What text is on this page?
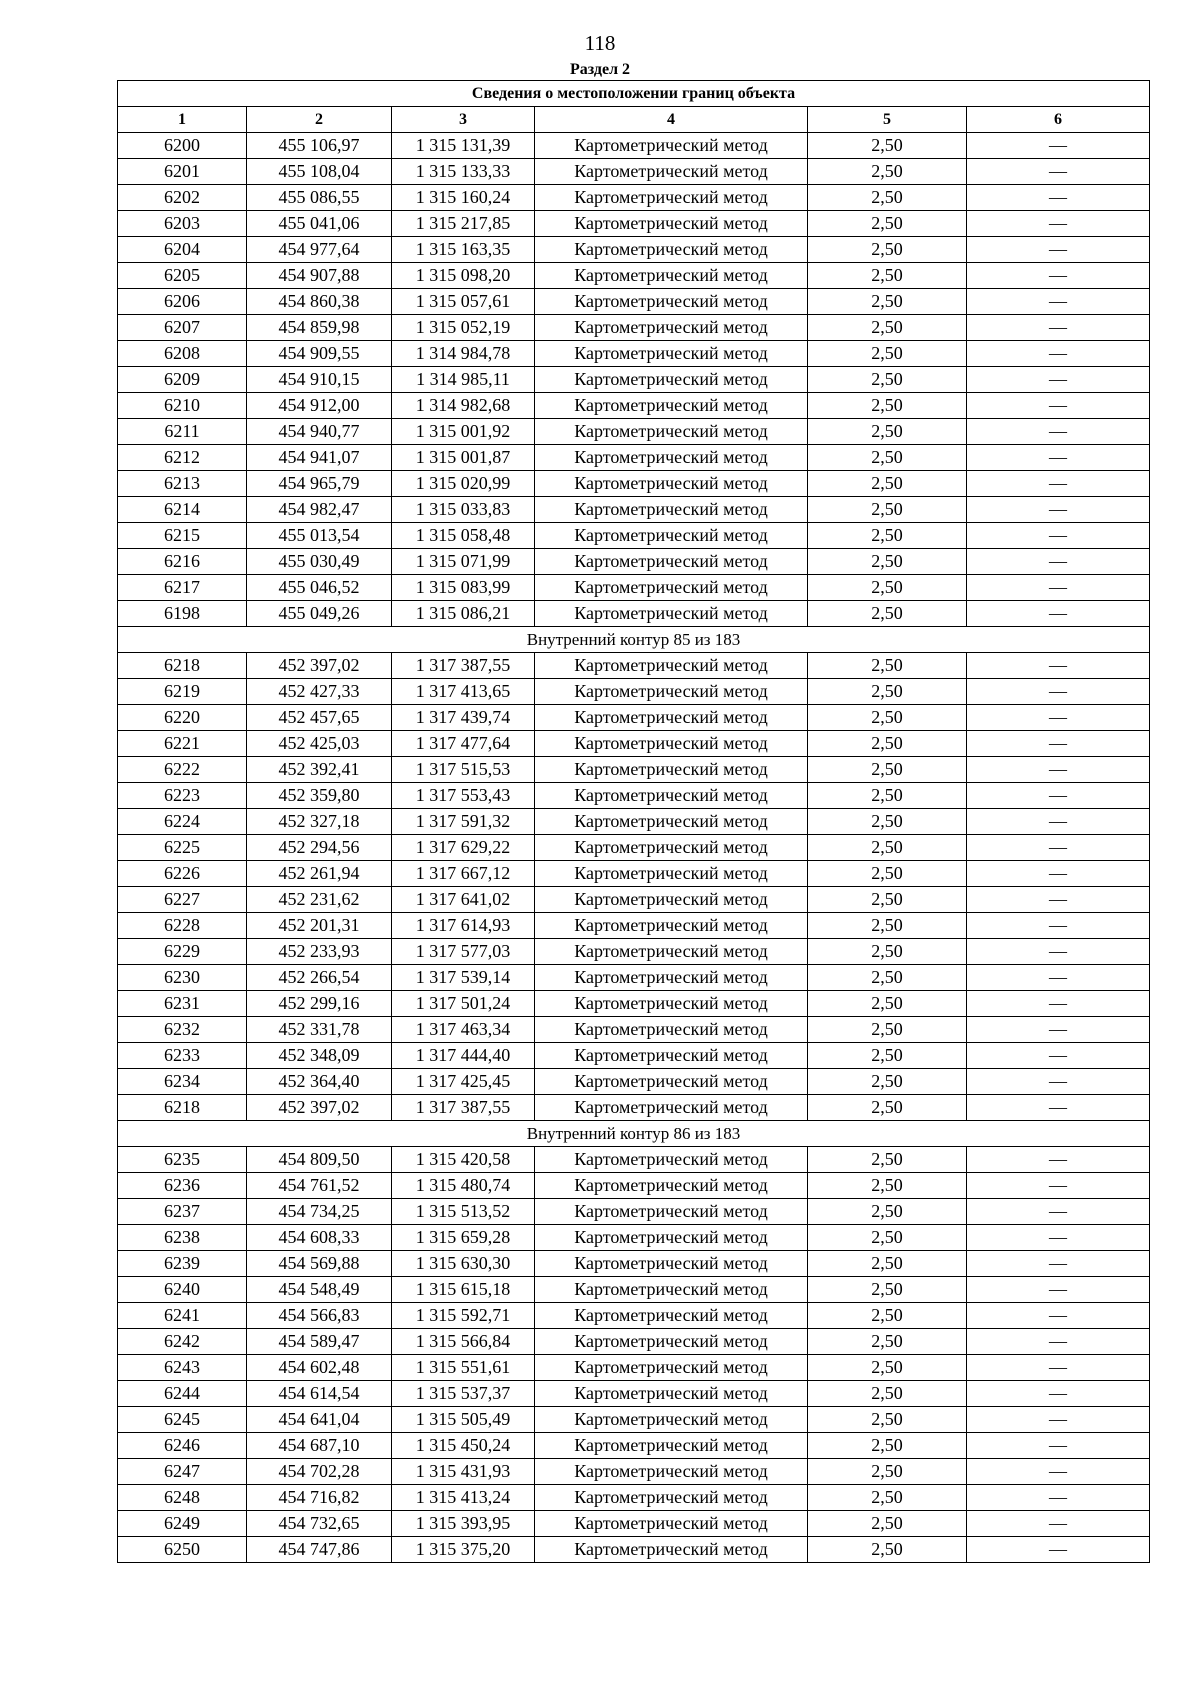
118
Раздел 2
Сведения о местоположении границ объекта					
1	2	3	4	5	6
6200	455 106,97	1 315 131,39	Картометрический метод	2,50	—
6201	455 108,04	1 315 133,33	Картометрический метод	2,50	—
6202	455 086,55	1 315 160,24	Картометрический метод	2,50	—
6203	455 041,06	1 315 217,85	Картометрический метод	2,50	—
6204	454 977,64	1 315 163,35	Картометрический метод	2,50	—
6205	454 907,88	1 315 098,20	Картометрический метод	2,50	—
6206	454 860,38	1 315 057,61	Картометрический метод	2,50	—
6207	454 859,98	1 315 052,19	Картометрический метод	2,50	—
6208	454 909,55	1 314 984,78	Картометрический метод	2,50	—
6209	454 910,15	1 314 985,11	Картометрический метод	2,50	—
6210	454 912,00	1 314 982,68	Картометрический метод	2,50	—
6211	454 940,77	1 315 001,92	Картометрический метод	2,50	—
6212	454 941,07	1 315 001,87	Картометрический метод	2,50	—
6213	454 965,79	1 315 020,99	Картометрический метод	2,50	—
6214	454 982,47	1 315 033,83	Картометрический метод	2,50	—
6215	455 013,54	1 315 058,48	Картометрический метод	2,50	—
6216	455 030,49	1 315 071,99	Картометрический метод	2,50	—
6217	455 046,52	1 315 083,99	Картометрический метод	2,50	—
6198	455 049,26	1 315 086,21	Картометрический метод	2,50	—
Внутренний контур 85 из 183					
6218	452 397,02	1 317 387,55	Картометрический метод	2,50	—
6219	452 427,33	1 317 413,65	Картометрический метод	2,50	—
6220	452 457,65	1 317 439,74	Картометрический метод	2,50	—
6221	452 425,03	1 317 477,64	Картометрический метод	2,50	—
6222	452 392,41	1 317 515,53	Картометрический метод	2,50	—
6223	452 359,80	1 317 553,43	Картометрический метод	2,50	—
6224	452 327,18	1 317 591,32	Картометрический метод	2,50	—
6225	452 294,56	1 317 629,22	Картометрический метод	2,50	—
6226	452 261,94	1 317 667,12	Картометрический метод	2,50	—
6227	452 231,62	1 317 641,02	Картометрический метод	2,50	—
6228	452 201,31	1 317 614,93	Картометрический метод	2,50	—
6229	452 233,93	1 317 577,03	Картометрический метод	2,50	—
6230	452 266,54	1 317 539,14	Картометрический метод	2,50	—
6231	452 299,16	1 317 501,24	Картометрический метод	2,50	—
6232	452 331,78	1 317 463,34	Картометрический метод	2,50	—
6233	452 348,09	1 317 444,40	Картометрический метод	2,50	—
6234	452 364,40	1 317 425,45	Картометрический метод	2,50	—
6218	452 397,02	1 317 387,55	Картометрический метод	2,50	—
Внутренний контур 86 из 183					
6235	454 809,50	1 315 420,58	Картометрический метод	2,50	—
6236	454 761,52	1 315 480,74	Картометрический метод	2,50	—
6237	454 734,25	1 315 513,52	Картометрический метод	2,50	—
6238	454 608,33	1 315 659,28	Картометрический метод	2,50	—
6239	454 569,88	1 315 630,30	Картометрический метод	2,50	—
6240	454 548,49	1 315 615,18	Картометрический метод	2,50	—
6241	454 566,83	1 315 592,71	Картометрический метод	2,50	—
6242	454 589,47	1 315 566,84	Картометрический метод	2,50	—
6243	454 602,48	1 315 551,61	Картометрический метод	2,50	—
6244	454 614,54	1 315 537,37	Картометрический метод	2,50	—
6245	454 641,04	1 315 505,49	Картометрический метод	2,50	—
6246	454 687,10	1 315 450,24	Картометрический метод	2,50	—
6247	454 702,28	1 315 431,93	Картометрический метод	2,50	—
6248	454 716,82	1 315 413,24	Картометрический метод	2,50	—
6249	454 732,65	1 315 393,95	Картометрический метод	2,50	—
6250	454 747,86	1 315 375,20	Картометрический метод	2,50	—
